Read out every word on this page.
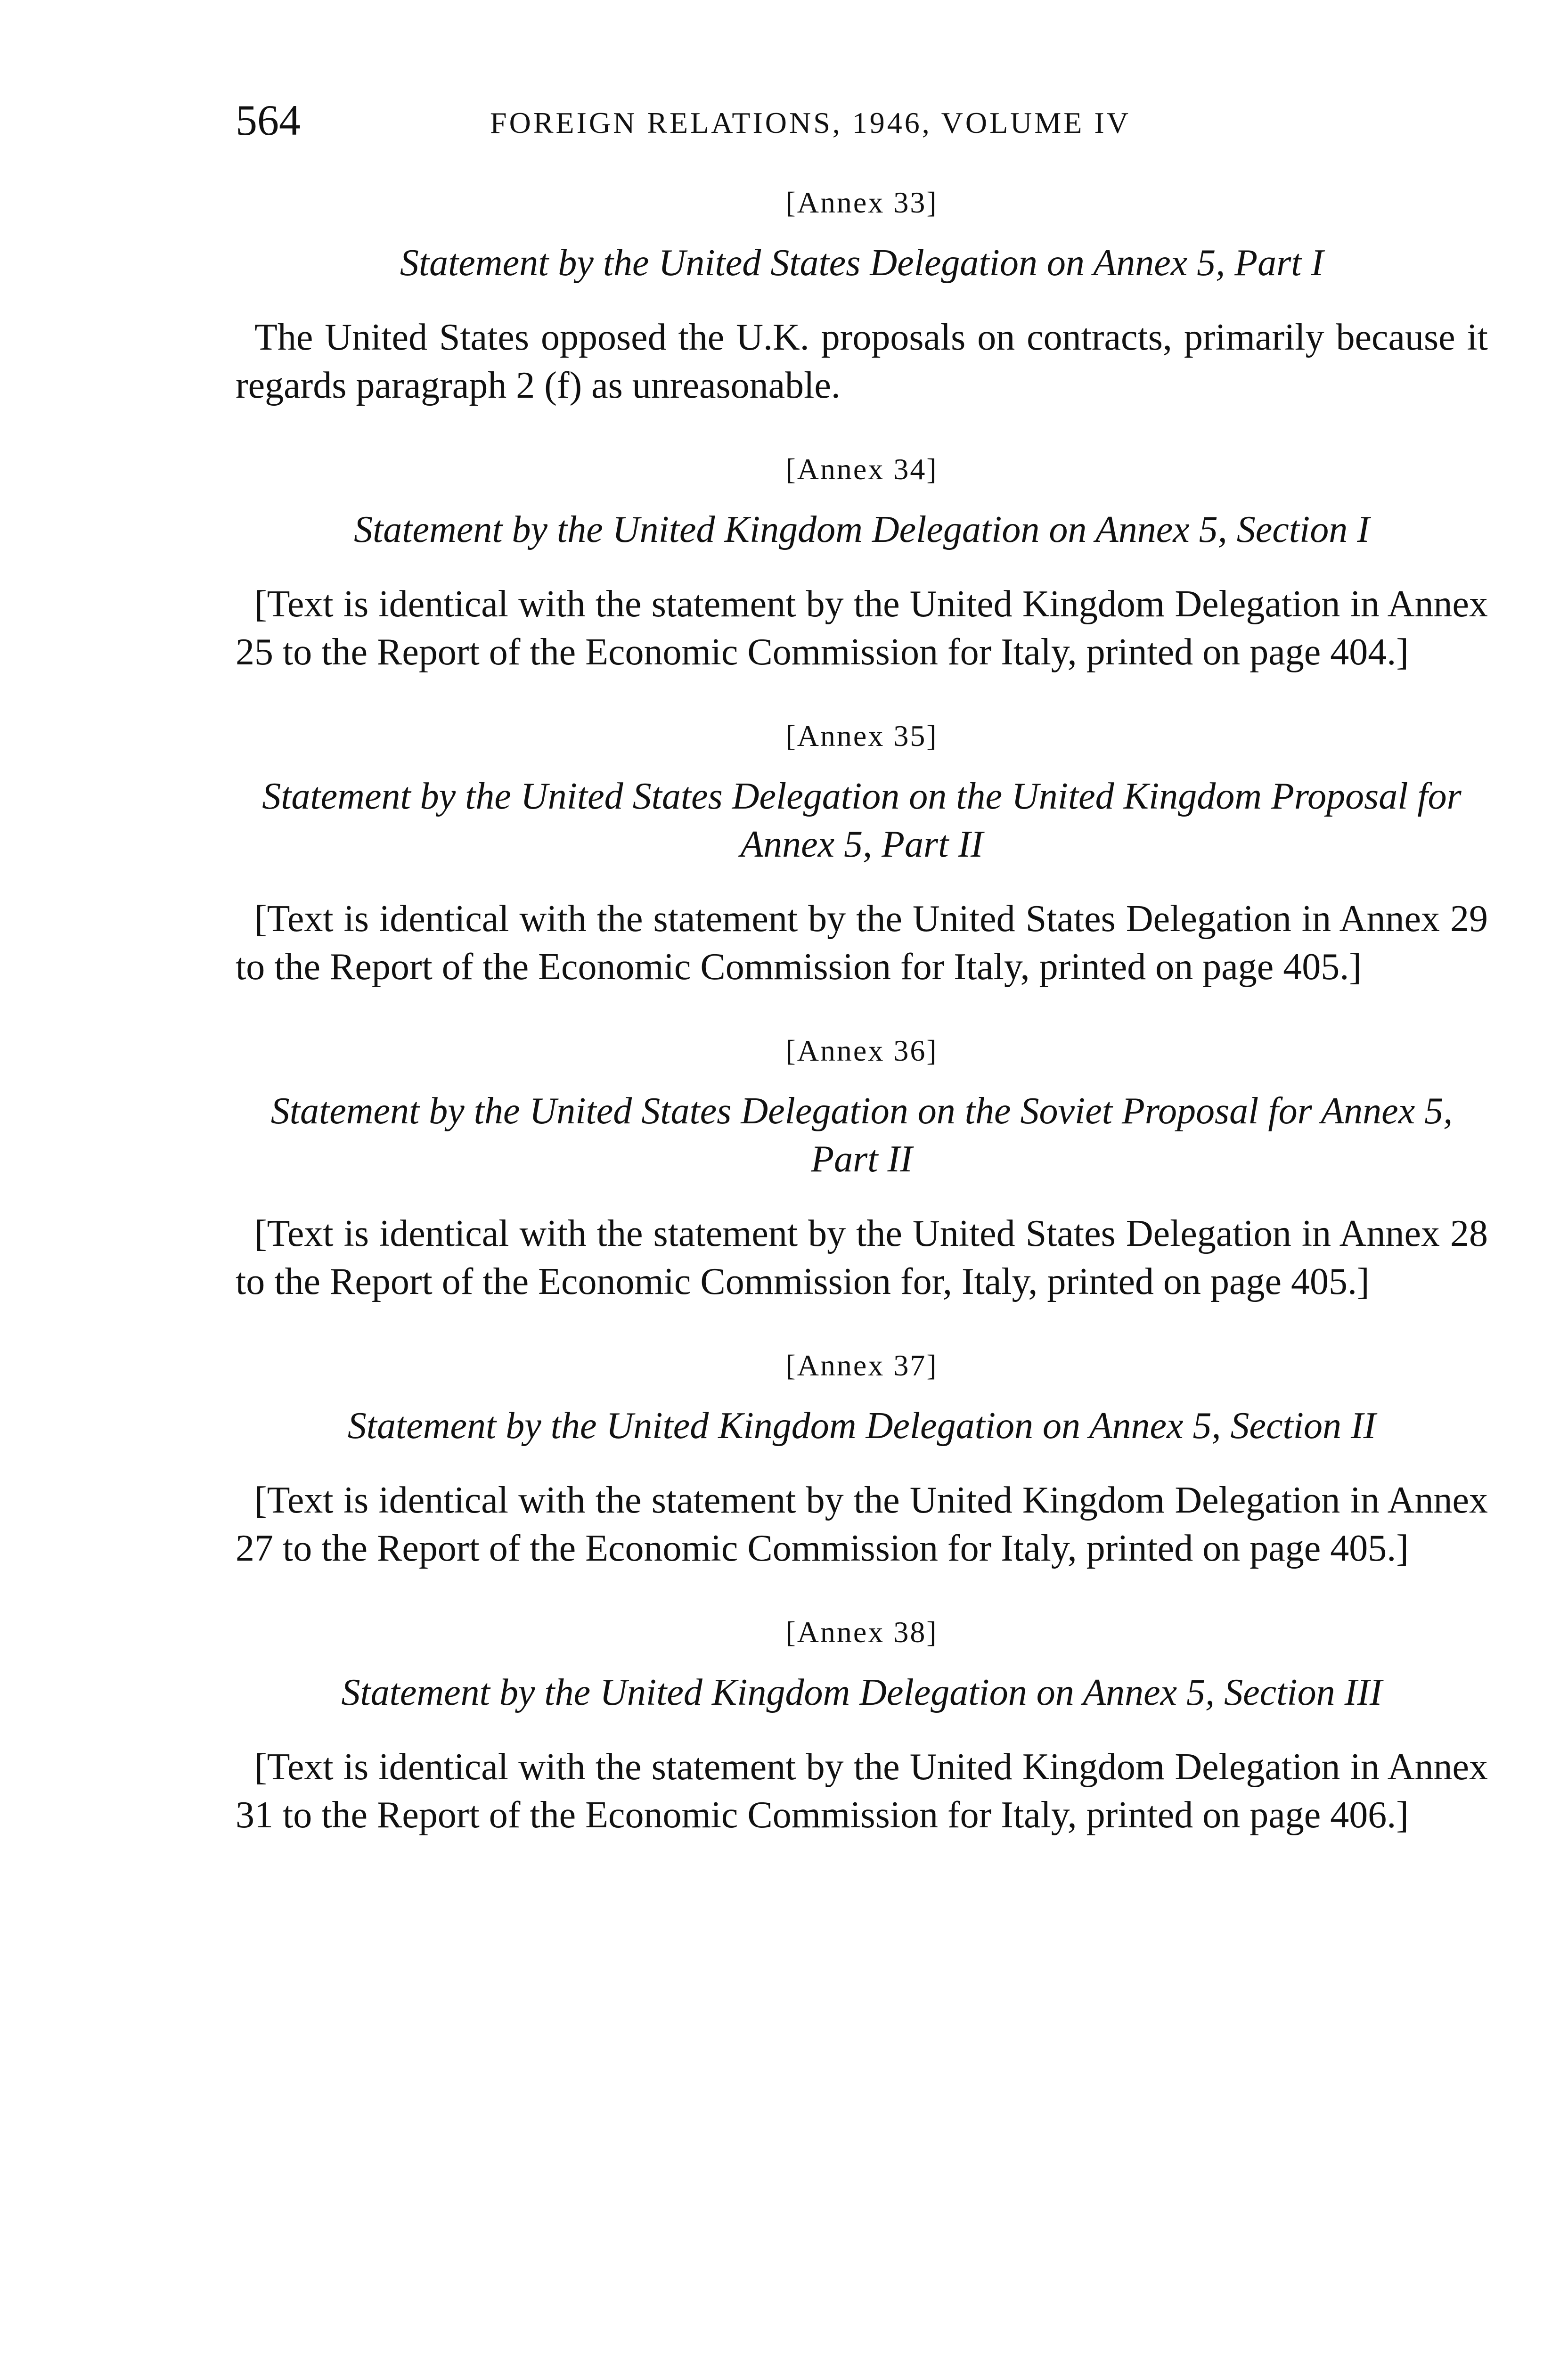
564	FOREIGN RELATIONS, 1946, VOLUME IV
[Annex 33]
Statement by the United States Delegation on Annex 5, Part I

The United States opposed the U.K. proposals on contracts, primarily because it regards paragraph 2 (f) as unreasonable.

[Annex 34]
Statement by the United Kingdom Delegation on Annex 5, Section I

[Text is identical with the statement by the United Kingdom Delegation in Annex 25 to the Report of the Economic Commission for Italy, printed on page 404.]

[Annex 35]
Statement by the United States Delegation on the United Kingdom Proposal for Annex 5, Part II

[Text is identical with the statement by the United States Delegation in Annex 29 to the Report of the Economic Commission for Italy, printed on page 405.]

[Annex 36]
Statement by the United States Delegation on the Soviet Proposal for Annex 5, Part II

[Text is identical with the statement by the United States Delegation in Annex 28 to the Report of the Economic Commission for, Italy, printed on page 405.]

[Annex 37]
Statement by the United Kingdom Delegation on Annex 5, Section II

[Text is identical with the statement by the United Kingdom Delegation in Annex 27 to the Report of the Economic Commission for Italy, printed on page 405.]

[Annex 38]
Statement by the United Kingdom Delegation on Annex 5, Section III

[Text is identical with the statement by the United Kingdom Delegation in Annex 31 to the Report of the Economic Commission for Italy, printed on page 406.]
